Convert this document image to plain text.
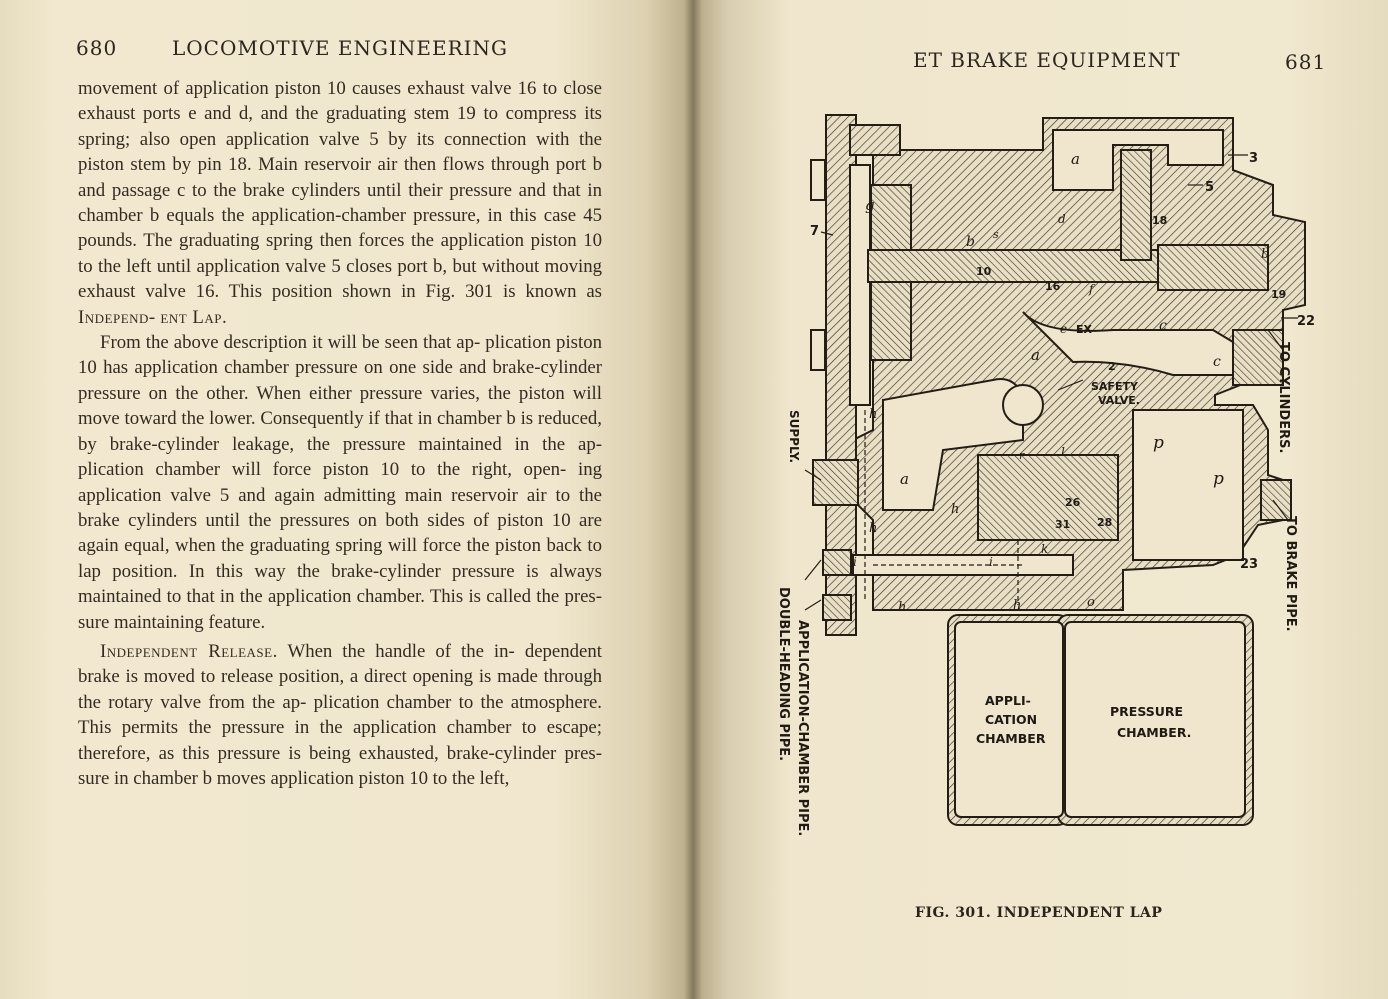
680	LOCOMOTIVE ENGINEERING

movement of application piston 10 causes exhaust valve 16 to close exhaust ports e and d, and the graduating stem 19 to compress its spring; also open application valve 5 by its connection with the piston stem by pin 18. Main reservoir air then flows through port b and passage c to the brake cylinders until their pressure and that in chamber b equals the application-chamber pressure, in this case 45 pounds. The graduating spring then forces the application piston 10 to the left until application valve 5 closes port b, but without moving exhaust valve 16. This position shown in Fig. 301 is known as Independ- ent Lap.

From the above description it will be seen that ap- plication piston 10 has application chamber pressure on one side and brake-cylinder pressure on the other. When either pressure varies, the piston will move toward the lower. Consequently if that in chamber b is reduced, by brake-cylinder leakage, the pressure maintained in the ap- plication chamber will force piston 10 to the right, open- ing application valve 5 and again admitting main reservoir air to the brake cylinders until the pressures on both sides of piston 10 are again equal, when the graduating spring will force the piston back to lap position. In this way the brake-cylinder pressure is always maintained to that in the application chamber. This is called the pres- sure maintaining feature.

Independent Release. When the handle of the in- dependent brake is moved to release position, a direct opening is made through the rotary valve from the ap- plication chamber to the atmosphere. This permits the pressure in the application chamber to escape; therefore, as this pressure is being exhausted, brake-cylinder pres- sure in chamber b moves application piston 10 to the left,

ET BRAKE EQUIPMENT	681
3
5
7
10
16
18
19
22
23
2
26
28
31
EX
a
a
a
b
b
c
c
d
e
f
g
h
h
h	h
h
i	i
k
l
o
p
p
r
s
SAFETY
VALVE.
APPLI-
CATION
CHAMBER
PRESSURE
CHAMBER.
TO CYLINDERS.
TO BRAKE PIPE.
SUPPLY.
APPLICATION-CHAMBER PIPE.
DOUBLE-HEADING PIPE.
FIG. 301. INDEPENDENT LAP
